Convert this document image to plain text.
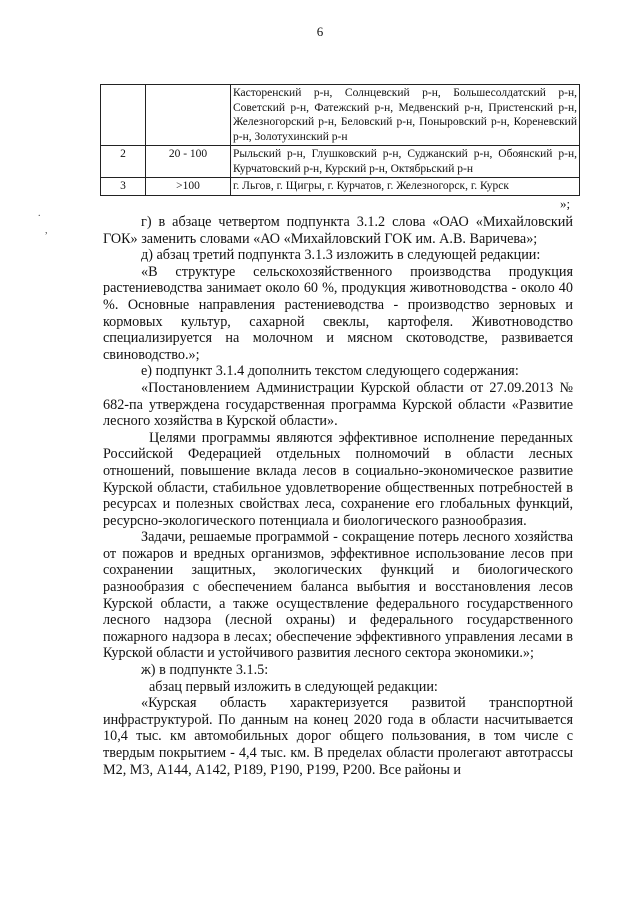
6
		Касторенский р-н, Солнцевский р-н, Большесолдатский р-н, Советский р-н, Фатежский р-н, Медвенский р-н, Пристенский р-н, Железногорский р-н, Беловский р-н, Поныровский р-н, Кореневский р-н, Золотухинский р-н
2	20 - 100	Рыльский р-н, Глушковский р-н, Суджанский р-н, Обоянский р-н, Курчатовский р-н, Курский р-н, Октябрьский р-н
3	>100	г. Льгов, г. Щигры, г. Курчатов, г. Железногорск, г. Курск
»;
.
,

г) в абзаце четвертом подпункта 3.1.2 слова «ОАО «Михайловский ГОК» заменить словами «АО «Михайловский ГОК им. А.В. Варичева»;

д) абзац третий подпункта 3.1.3 изложить в следующей редакции:

«В структуре сельскохозяйственного производства продукция растениеводства занимает около 60 %, продукция животноводства - около 40 %. Основные направления растениеводства - производство зерновых и кормовых культур, сахарной свеклы, картофеля. Животноводство специализируется на молочном и мясном скотоводстве, развивается свиноводство.»;

е) подпункт 3.1.4 дополнить текстом следующего содержания:

«Постановлением Администрации Курской области от 27.09.2013 № 682-па утверждена государственная программа Курской области «Развитие лесного хозяйства в Курской области».

Целями программы являются эффективное исполнение переданных Российской Федерацией отдельных полномочий в области лесных отношений, повышение вклада лесов в социально-экономическое развитие Курской области, стабильное удовлетворение общественных потребностей в ресурсах и полезных свойствах леса, сохранение его глобальных функций, ресурсно-экологического потенциала и биологического разнообразия.

Задачи, решаемые программой - сокращение потерь лесного хозяйства от пожаров и вредных организмов, эффективное использование лесов при сохранении защитных, экологических функций и биологического разнообразия с обеспечением баланса выбытия и восстановления лесов Курской области, а также осуществление федерального государственного лесного надзора (лесной охраны) и федерального государственного пожарного надзора в лесах; обеспечение эффективного управления лесами в Курской области и устойчивого развития лесного сектора экономики.»;

ж) в подпункте 3.1.5:

абзац первый изложить в следующей редакции:

«Курская область характеризуется развитой транспортной инфраструктурой. По данным на конец 2020 года в области насчитывается 10,4 тыс. км автомобильных дорог общего пользования, в том числе с твердым покрытием - 4,4 тыс. км. В пределах области пролегают автотрассы М2, М3, А144, А142, Р189, Р190, Р199, Р200. Все районы и
